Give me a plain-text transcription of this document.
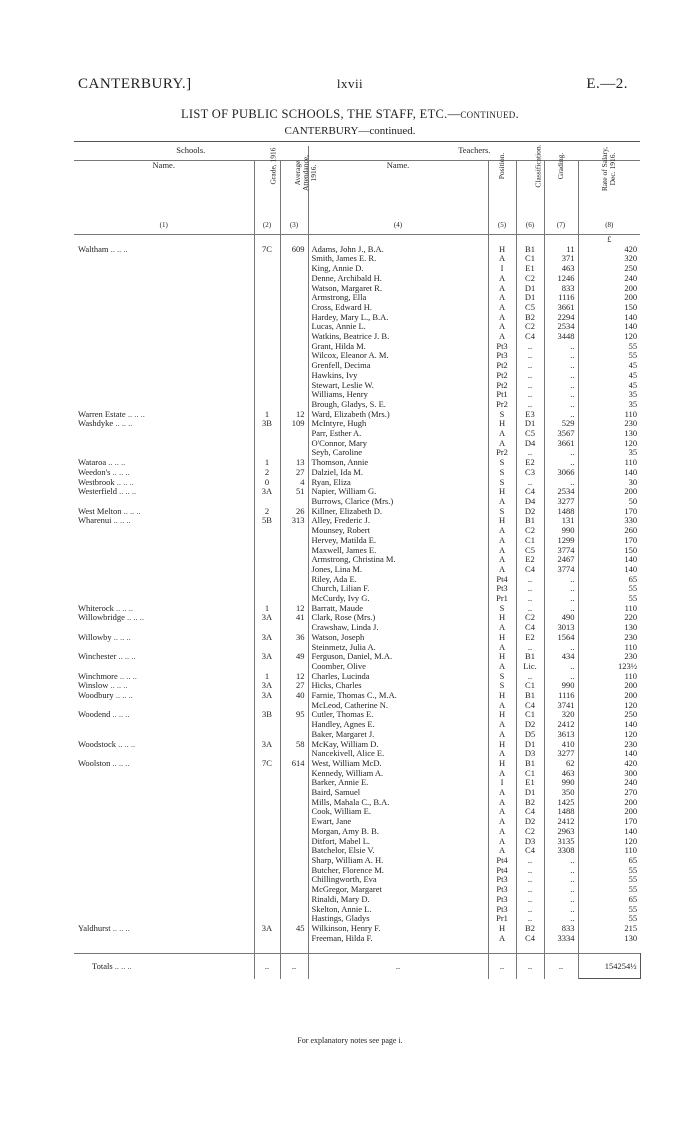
CANTERBURY.]	lxvii	E.—2.
LIST OF PUBLIC SCHOOLS, THE STAFF, ETC.—continued.
CANTERBURY—continued.
Schools.			Teachers.				
Name.	Grade, 1916	Average Attendance, 1916.	Name.	Position.	Classification.	Grading.	Rate of Salary, Dec. 1916.
(1)	(2)	(3)	(4)	(5)	(6)	(7)	(8)
							£
Waltham .. .. ..	7C	609	Adams, John J., B.A.	H	B1	11	420
			Smith, James E. R.	A	C1	371	320
			King, Annie D.	I	E1	463	250
			Denne, Archibald H.	A	C2	1246	240
			Watson, Margaret R.	A	D1	833	200
			Armstrong, Ella	A	D1	1116	200
			Cross, Edward H.	A	C5	3661	150
			Hardey, Mary L., B.A.	A	B2	2294	140
			Lucas, Annie L.	A	C2	2534	140
			Watkins, Beatrice J. B.	A	C4	3448	120
			Grant, Hilda M.	Pt3	..	..	55
			Wilcox, Eleanor A. M.	Pt3	..	..	55
			Grenfell, Decima	Pt2	..	..	45
			Hawkins, Ivy	Pt2	..	..	45
			Stewart, Leslie W.	Pt2	..	..	45
			Williams, Henry	Pt1	..	..	35
			Brough, Gladys, S. E.	Pr2	..	..	35
Warren Estate .. .. ..	1	12	Ward, Elizabeth (Mrs.)	S	E3	..	110
Washdyke .. .. ..	3B	109	McIntyre, Hugh	H	D1	529	230
			Parr, Esther A.	A	C5	3567	130
			O'Connor, Mary	A	D4	3661	120
			Seyb, Caroline	Pr2	..	..	35
Wataroa .. .. ..	1	13	Thomson, Annie	S	E2	..	110
Weedon's .. .. ..	2	27	Dalziel, Ida M.	S	C3	3066	140
Westbrook .. .. ..	0	4	Ryan, Eliza	S	..	..	30
Westerfield .. .. ..	3A	51	Napier, William G.	H	C4	2534	200
			Burrows, Clarice (Mrs.)	A	D4	3277	50
West Melton .. .. ..	2	26	Killner, Elizabeth D.	S	D2	1488	170
Wharenui .. .. ..	5B	313	Alley, Frederic J.	H	B1	131	330
			Mounsey, Robert	A	C2	990	260
			Hervey, Matilda E.	A	C1	1299	170
			Maxwell, James E.	A	C5	3774	150
			Armstrong, Christina M.	A	E2	2467	140
			Jones, Lina M.	A	C4	3774	140
			Riley, Ada E.	Pt4	..	..	65
			Church, Lilian F.	Pt3	..	..	55
			McCurdy, Ivy G.	Pr1	..	..	55
Whiterock .. .. ..	1	12	Barratt, Maude	S	..	..	110
Willowbridge .. .. ..	3A	41	Clark, Rose (Mrs.)	H	C2	490	220
			Crawshaw, Linda J.	A	C4	3013	130
Willowby .. .. ..	3A	36	Watson, Joseph	H	E2	1564	230
			Steinmetz, Julia A.	A	..	..	110
Winchester .. .. ..	3A	49	Ferguson, Daniel, M.A.	H	B1	434	230
			Coomber, Olive	A	Lic.	..	123½
Winchmore .. .. ..	1	12	Charles, Lucinda	S	..	..	110
Winslow .. .. ..	3A	27	Hicks, Charles	S	C1	990	200
Woodbury .. .. ..	3A	40	Farnie, Thomas C., M.A.	H	B1	1116	200
			McLeod, Catherine N.	A	C4	3741	120
Woodend .. .. ..	3B	95	Cutler, Thomas E.	H	C1	320	250
			Handley, Agnes E.	A	D2	2412	140
			Baker, Margaret J.	A	D5	3613	120
Woodstock .. .. ..	3A	58	McKay, William D.	H	D1	410	230
			Nancekivell, Alice E.	A	D3	3277	140
Woolston .. .. ..	7C	614	West, William McD.	H	B1	62	420
			Kennedy, William A.	A	C1	463	300
			Barker, Annie E.	I	E1	990	240
			Baird, Samuel	A	D1	350	270
			Mills, Mahala C., B.A.	A	B2	1425	200
			Cook, William E.	A	C4	1488	200
			Ewart, Jane	A	D2	2412	170
			Morgan, Amy B. B.	A	C2	2963	140
			Ditfort, Mabel L.	A	D3	3135	120
			Batchelor, Elsie V.	A	C4	3308	110
			Sharp, William A. H.	Pt4	..	..	65
			Butcher, Florence M.	Pt4	..	..	55
			Chillingworth, Eva	Pt3	..	..	55
			McGregor, Margaret	Pt3	..	..	55
			Rinaldi, Mary D.	Pt3	..	..	65
			Skelton, Annie L.	Pt3	..	..	55
			Hastings, Gladys	Pr1	..	..	55
Yaldhurst .. .. ..	3A	45	Wilkinson, Henry F.	H	B2	833	215
			Freeman, Hilda F.	A	C4	3334	130

Totals .. .. ..	..	..	..	..	..	..	154254½
For explanatory notes see page i.
